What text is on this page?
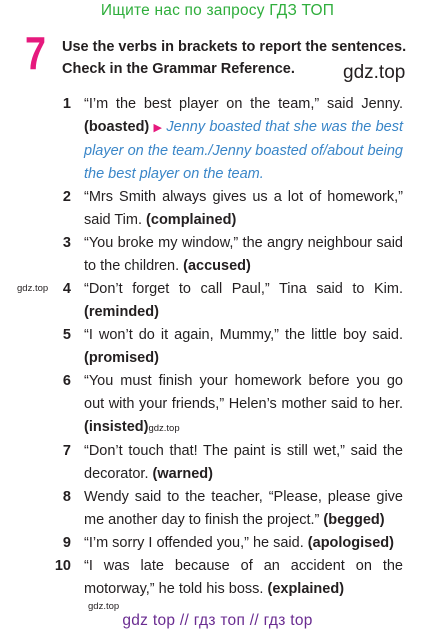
Ищите нас по запросу ГДЗ ТОП
7 Use the verbs in brackets to report the sentences. Check in the Grammar Reference.	gdz.top
1 “I’m the best player on the team,” said Jenny. (boasted) ▶ Jenny boasted that she was the best player on the team./Jenny boasted of/about being the best player on the team.
2 “Mrs Smith always gives us a lot of homework,” said Tim. (complained)
3 “You broke my window,” the angry neighbour said to the children. (accused)
gdz.top	4 “Don’t forget to call Paul,” Tina said to Kim. (reminded)
5 “I won’t do it again, Mummy,” the little boy said. (promised)
6 “You must finish your homework before you go out with your friends,” Helen’s mother said to her. (insisted)gdz.top
7 “Don’t touch that! The paint is still wet,” said the decorator. (warned)
8 Wendy said to the teacher, “Please, please give me another day to finish the project.” (begged)
9 “I’m sorry I offended you,” he said. (apologised)
10 “I was late because of an accident on the motorway,” he told his boss. (explained)
gdz.top
gdz top // гдз топ // гдз top
